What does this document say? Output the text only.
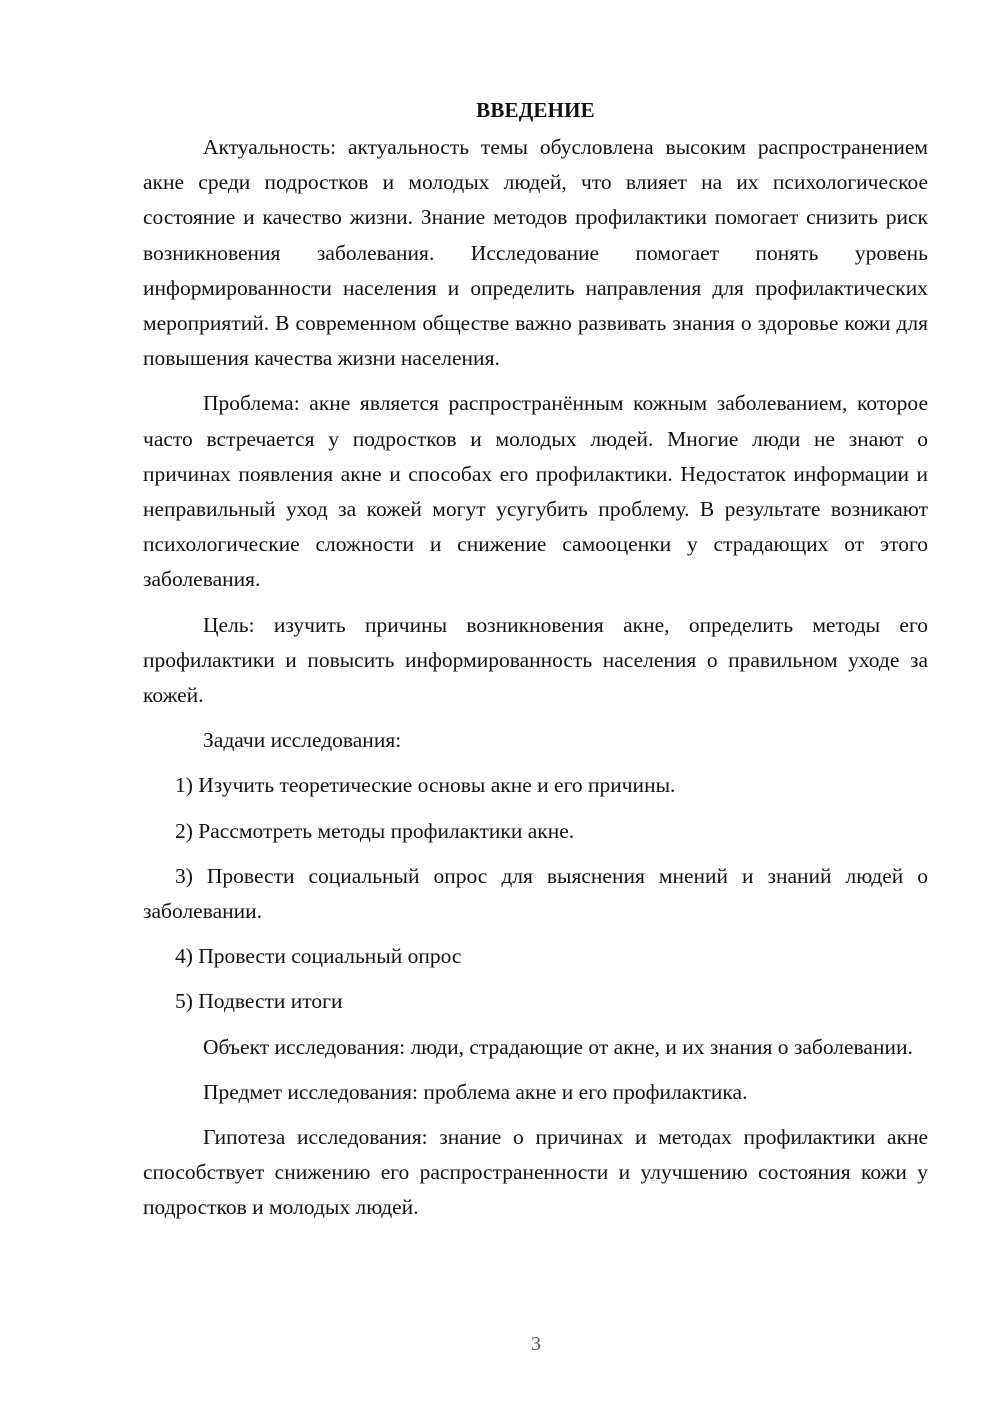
ВВЕДЕНИЕ

Актуальность: актуальность темы обусловлена высоким распространением акне среди подростков и молодых людей, что влияет на их психологическое состояние и качество жизни. Знание методов профилактики помогает снизить риск возникновения заболевания. Исследование помогает понять уровень информированности населения и определить направления для профилактических мероприятий. В современном обществе важно развивать знания о здоровье кожи для повышения качества жизни населения.

Проблема: акне является распространённым кожным заболеванием, которое часто встречается у подростков и молодых людей. Многие люди не знают о причинах появления акне и способах его профилактики. Недостаток информации и неправильный уход за кожей могут усугубить проблему. В результате возникают психологические сложности и снижение самооценки у страдающих от этого заболевания.

Цель: изучить причины возникновения акне, определить методы его профилактики и повысить информированность населения о правильном уходе за кожей.

Задачи исследования:

1) Изучить теоретические основы акне и его причины.

2) Рассмотреть методы профилактики акне.

3) Провести социальный опрос для выяснения мнений и знаний людей о заболевании.

4) Провести социальный опрос

5) Подвести итоги

Объект исследования: люди, страдающие от акне, и их знания о заболевании.

Предмет исследования: проблема акне и его профилактика.

Гипотеза исследования: знание о причинах и методах профилактики акне способствует снижению его распространенности и улучшению состояния кожи у подростков и молодых людей.

3
